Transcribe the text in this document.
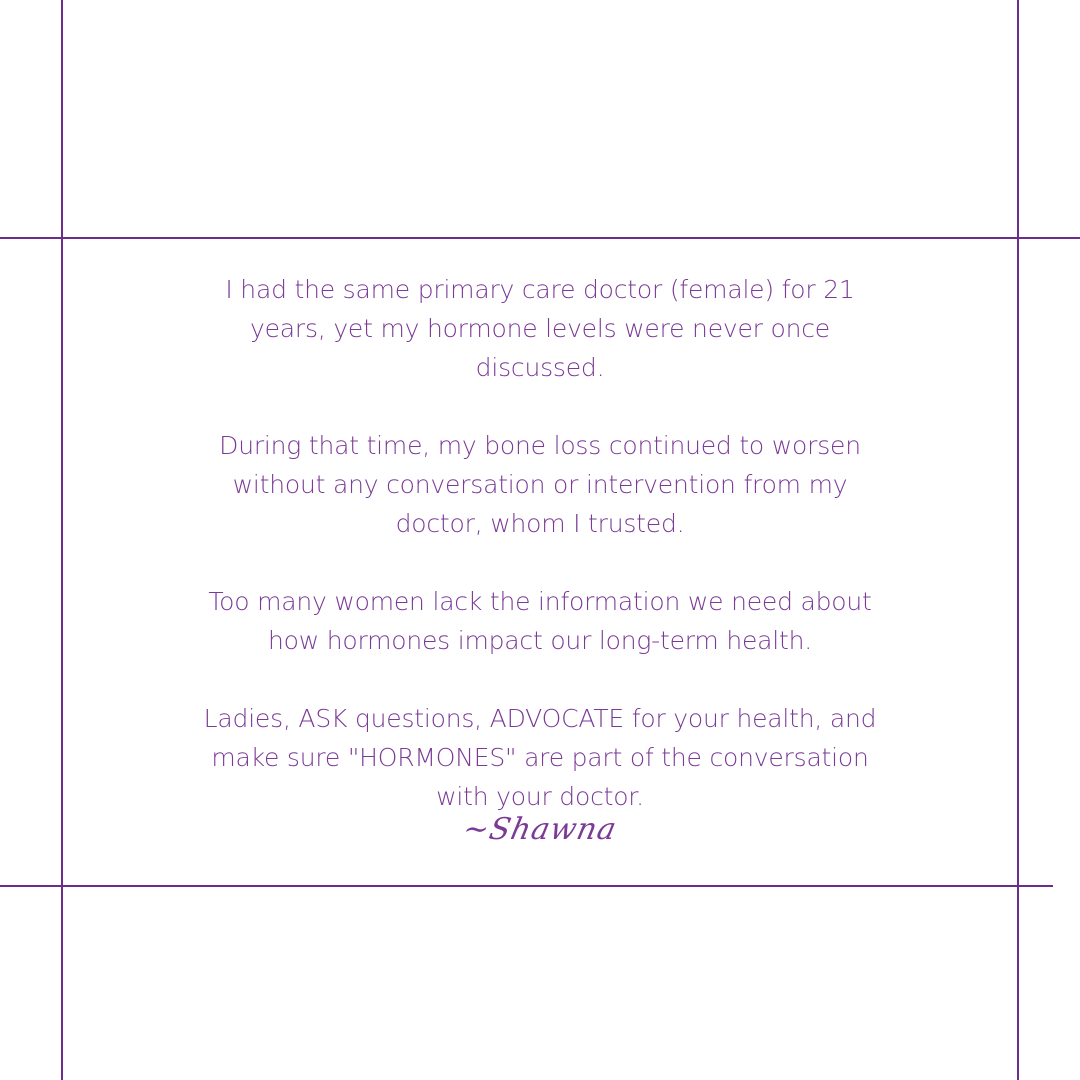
I had the same primary care doctor (female) for 21 years, yet my hormone levels were never once discussed.

During that time, my bone loss continued to worsen without any conversation or intervention from my doctor, whom I trusted.

Too many women lack the information we need about how hormones impact our long-term health.

Ladies, ASK questions, ADVOCATE for your health, and make sure "HORMONES" are part of the conversation with your doctor.

~Shawna
